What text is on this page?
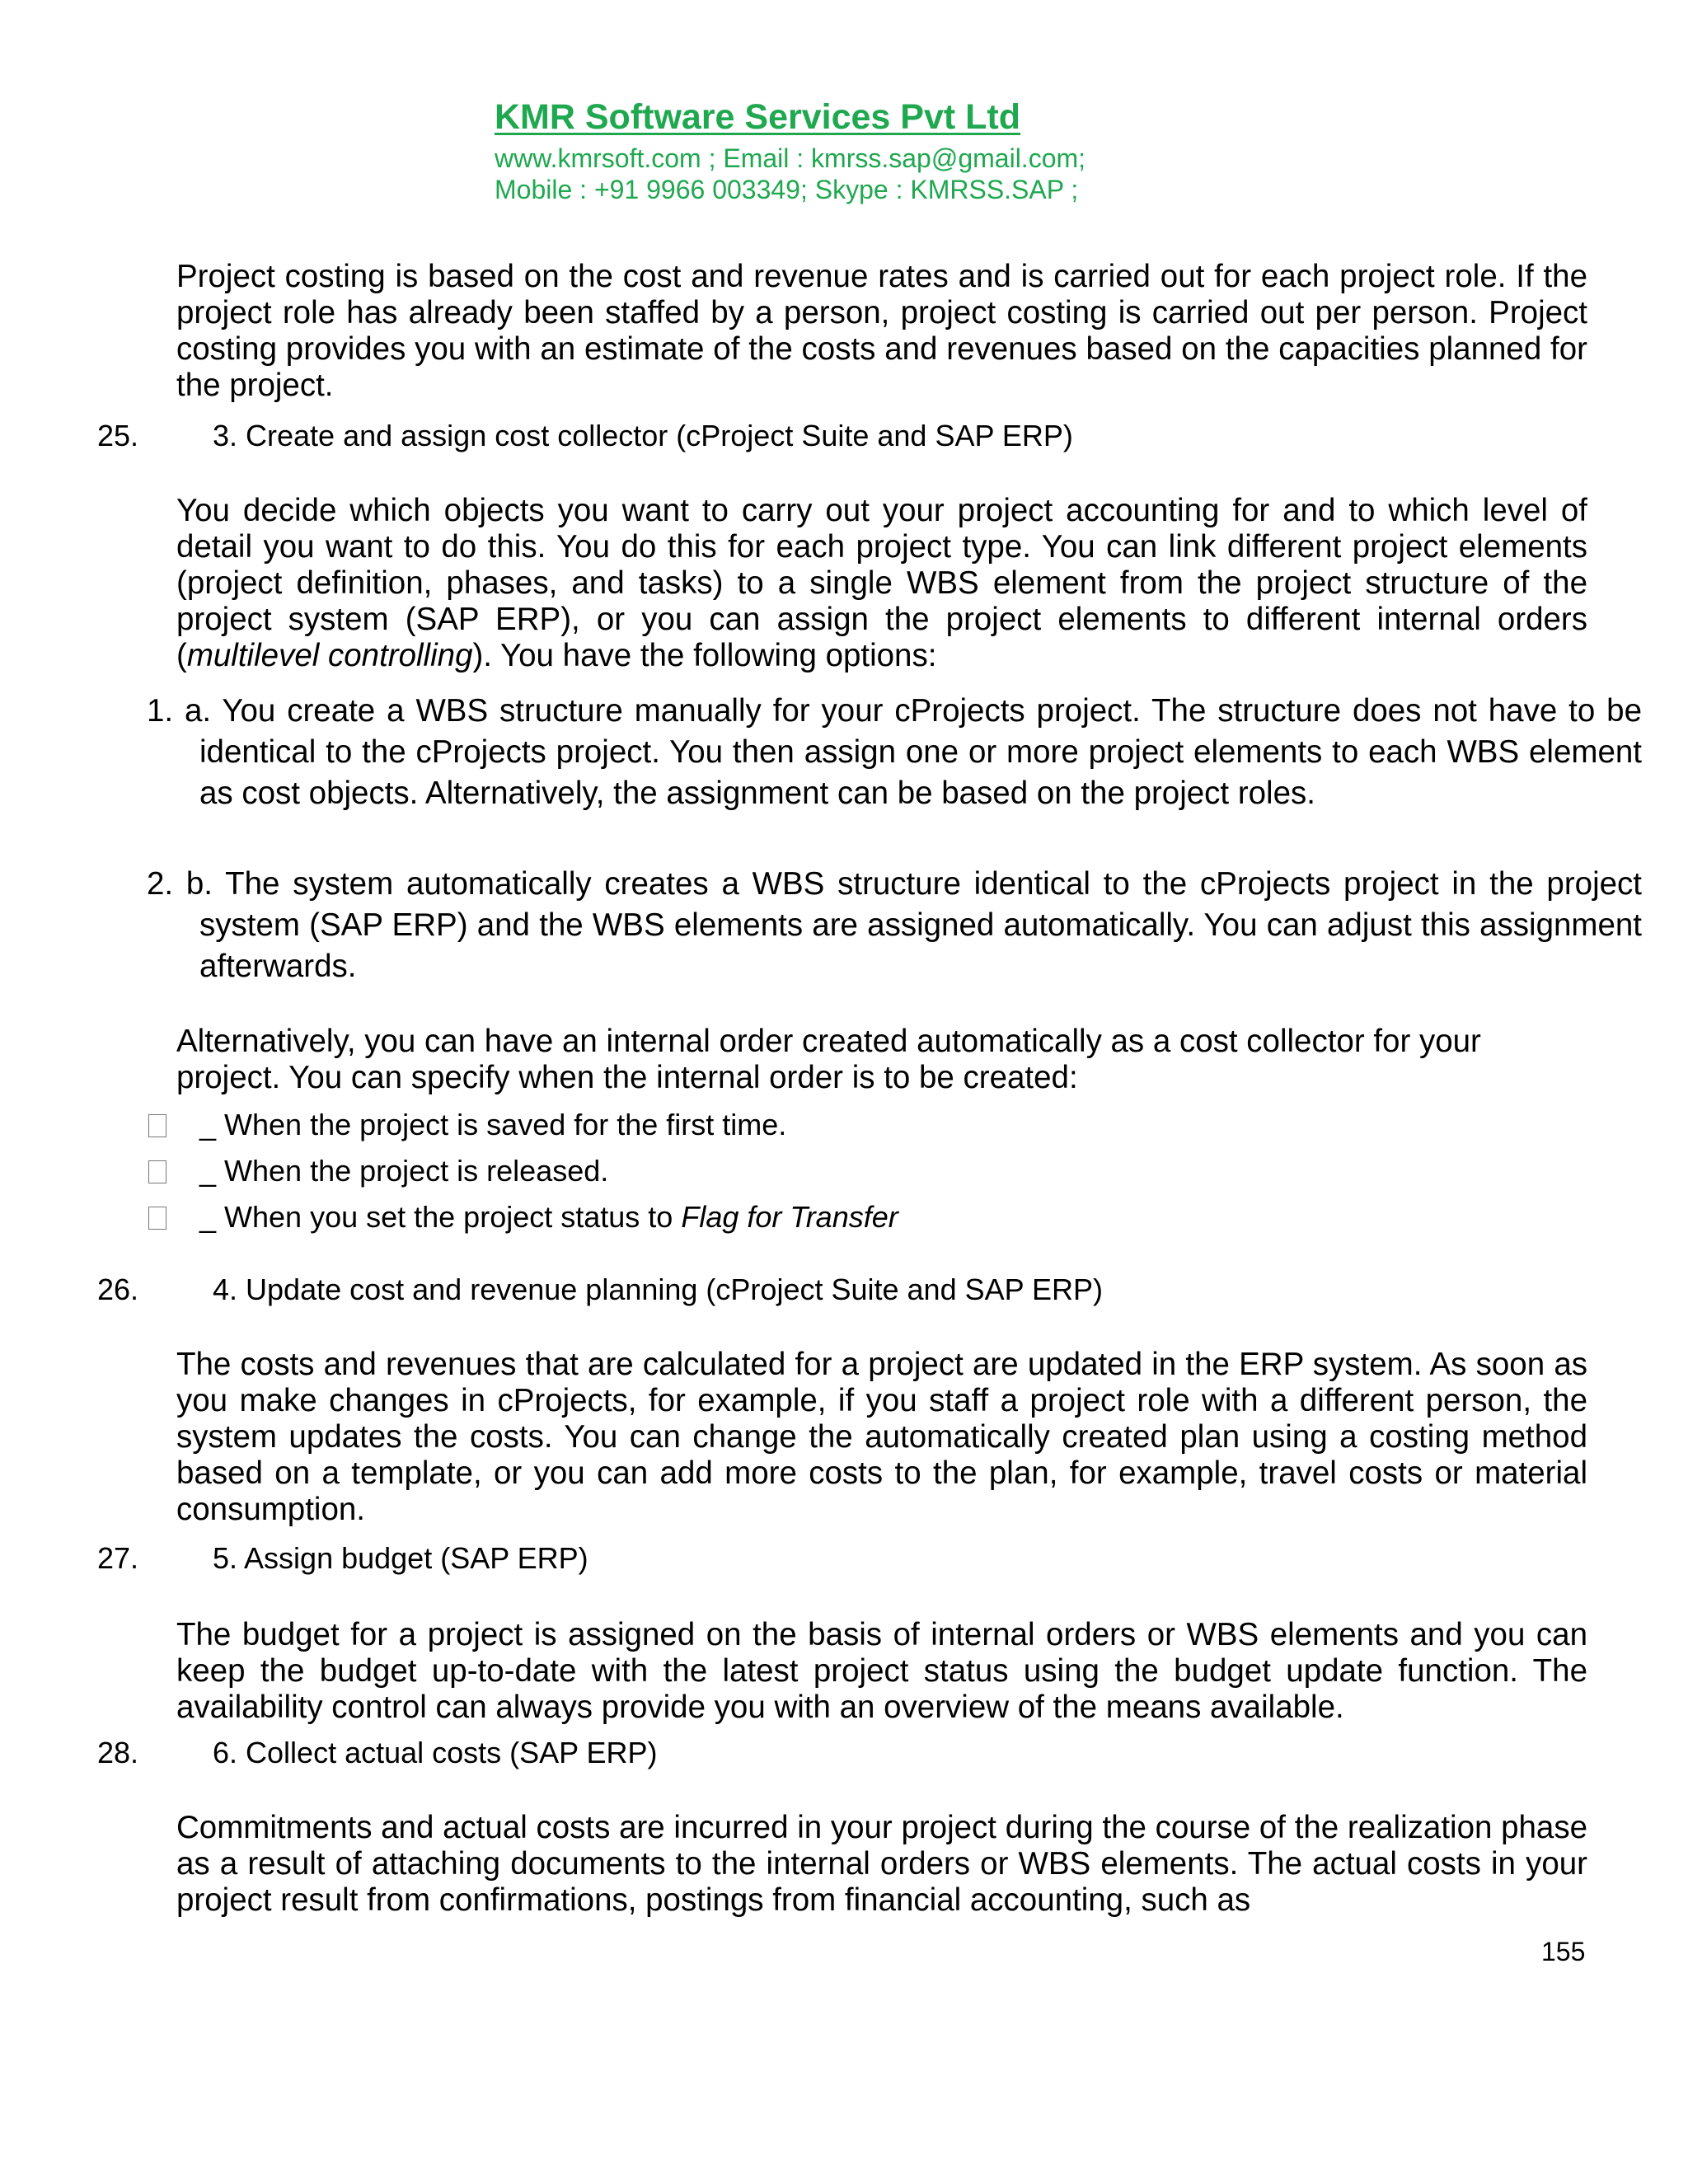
KMR Software Services Pvt Ltd
www.kmrsoft.com ; Email : kmrss.sap@gmail.com;
Mobile : +91 9966 003349; Skype : KMRSS.SAP ;
Project costing is based on the cost and revenue rates and is carried out for each project role. If the project role has already been staffed by a person, project costing is carried out per person. Project costing provides you with an estimate of the costs and revenues based on the capacities planned for the project.
25. 3. Create and assign cost collector (cProject Suite and SAP ERP)
You decide which objects you want to carry out your project accounting for and to which level of detail you want to do this. You do this for each project type. You can link different project elements (project definition, phases, and tasks) to a single WBS element from the project structure of the project system (SAP ERP), or you can assign the project elements to different internal orders (multilevel controlling). You have the following options:
1. a. You create a WBS structure manually for your cProjects project. The structure does not have to be identical to the cProjects project. You then assign one or more project elements to each WBS element as cost objects. Alternatively, the assignment can be based on the project roles.
2. b. The system automatically creates a WBS structure identical to the cProjects project in the project system (SAP ERP) and the WBS elements are assigned automatically. You can adjust this assignment afterwards.
Alternatively, you can have an internal order created automatically as a cost collector for your project. You can specify when the internal order is to be created:
_ When the project is saved for the first time.
_ When the project is released.
_ When you set the project status to Flag for Transfer
26. 4. Update cost and revenue planning (cProject Suite and SAP ERP)
The costs and revenues that are calculated for a project are updated in the ERP system. As soon as you make changes in cProjects, for example, if you staff a project role with a different person, the system updates the costs. You can change the automatically created plan using a costing method based on a template, or you can add more costs to the plan, for example, travel costs or material consumption.
27. 5. Assign budget (SAP ERP)
The budget for a project is assigned on the basis of internal orders or WBS elements and you can keep the budget up-to-date with the latest project status using the budget update function. The availability control can always provide you with an overview of the means available.
28. 6. Collect actual costs (SAP ERP)
Commitments and actual costs are incurred in your project during the course of the realization phase as a result of attaching documents to the internal orders or WBS elements. The actual costs in your project result from confirmations, postings from financial accounting, such as
155
